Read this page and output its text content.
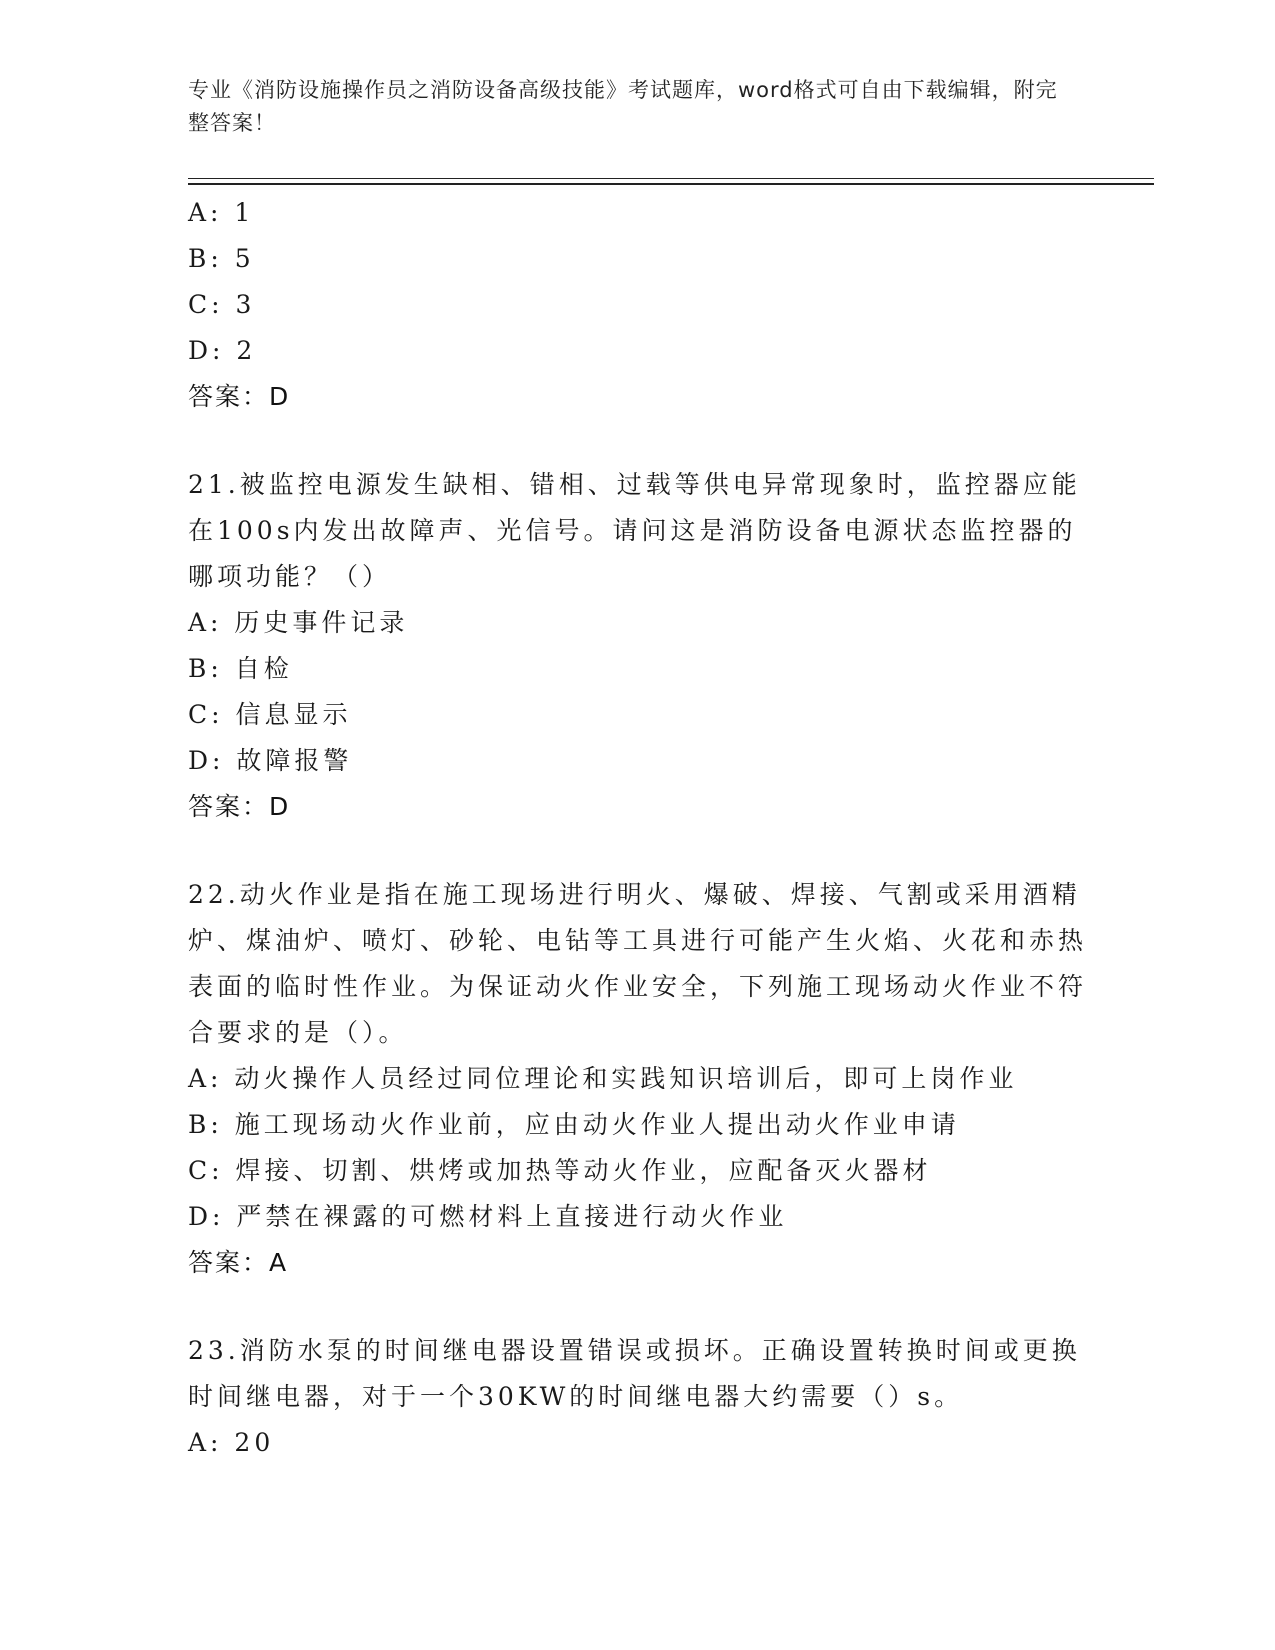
专业《消防设施操作员之消防设备高级技能》考试题库，word格式可自由下载编辑，附完整答案！
A: 1
B: 5
C: 3
D: 2
答案：D
21.被监控电源发生缺相、错相、过载等供电异常现象时，监控器应能在100s内发出故障声、光信号。请问这是消防设备电源状态监控器的哪项功能？（）
A: 历史事件记录
B: 自检
C: 信息显示
D: 故障报警
答案：D
22.动火作业是指在施工现场进行明火、爆破、焊接、气割或采用酒精炉、煤油炉、喷灯、砂轮、电钻等工具进行可能产生火焰、火花和赤热表面的临时性作业。为保证动火作业安全，下列施工现场动火作业不符合要求的是（）。
A: 动火操作人员经过同位理论和实践知识培训后，即可上岗作业
B: 施工现场动火作业前，应由动火作业人提出动火作业申请
C: 焊接、切割、烘烤或加热等动火作业，应配备灭火器材
D: 严禁在裸露的可燃材料上直接进行动火作业
答案：A
23.消防水泵的时间继电器设置错误或损坏。正确设置转换时间或更换时间继电器，对于一个30KW的时间继电器大约需要（）s。
A: 20
